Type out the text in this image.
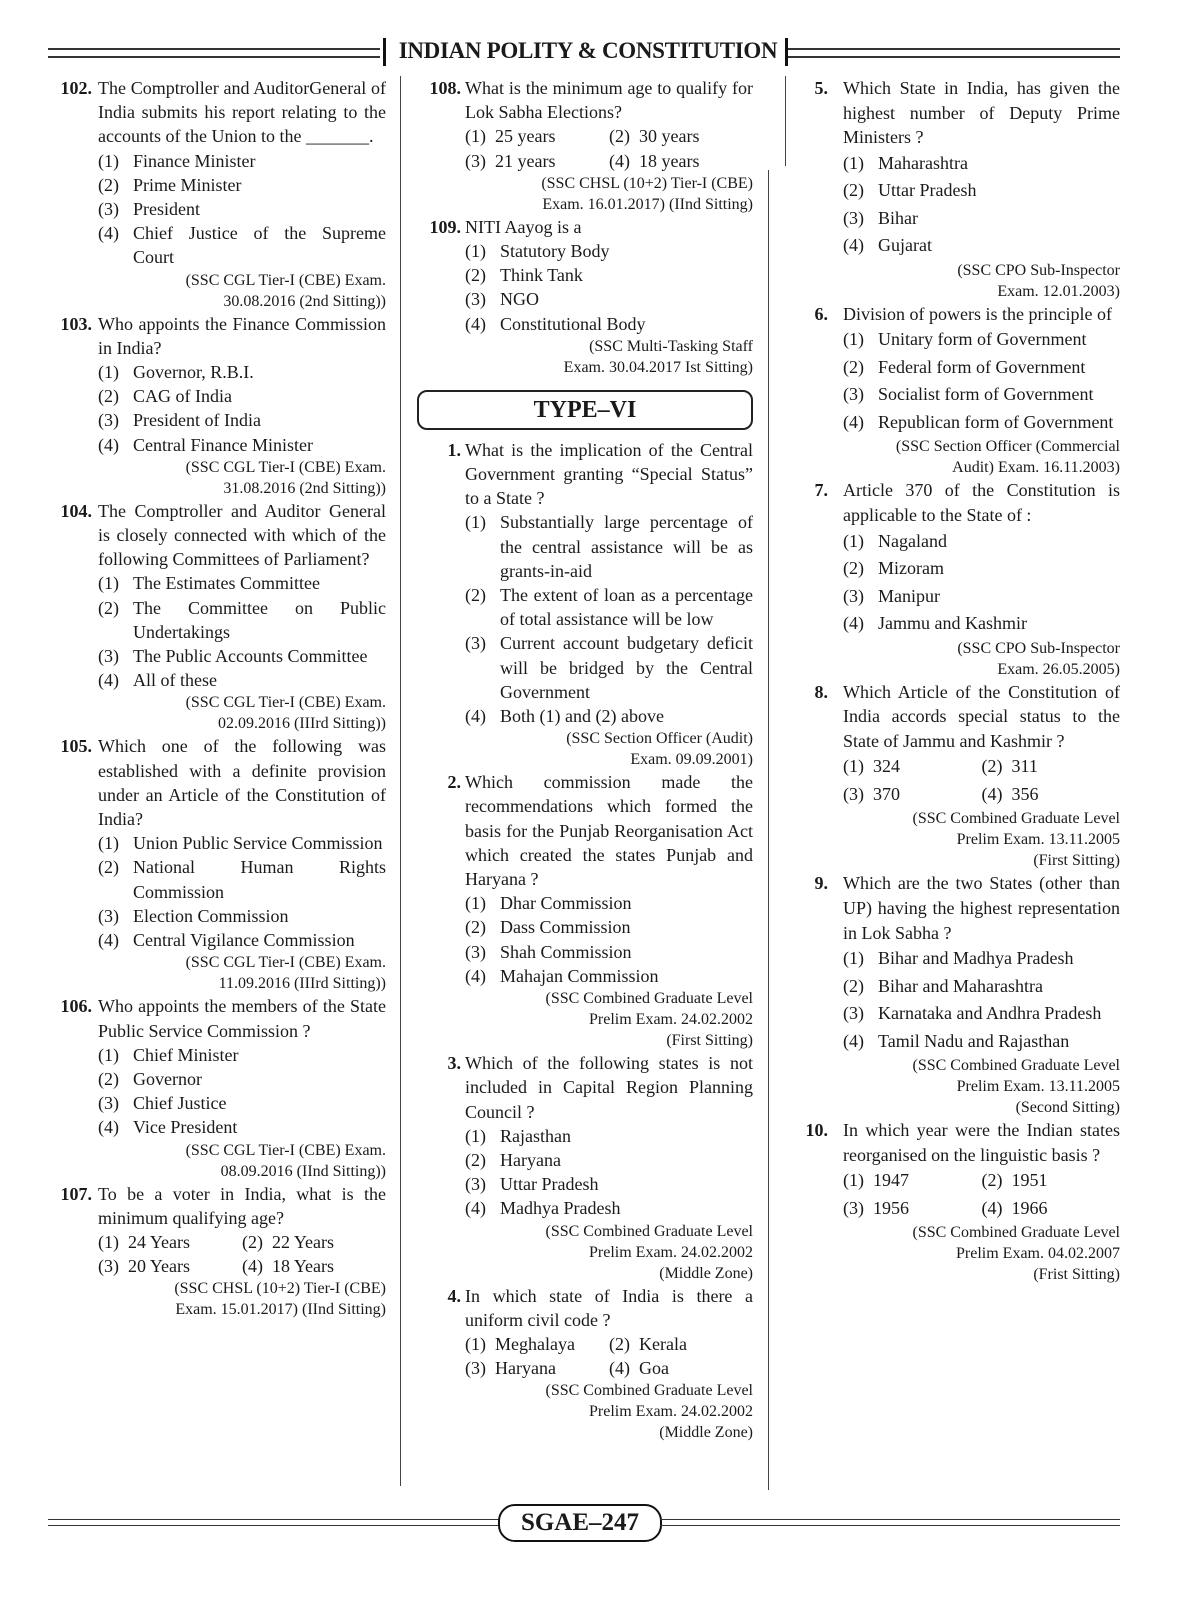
INDIAN POLITY & CONSTITUTION
102. The Comptroller and AuditorGeneral of India submits his report relating to the accounts of the Union to the _______.
(1) Finance Minister
(2) Prime Minister
(3) President
(4) Chief Justice of the Supreme Court
(SSC CGL Tier-I (CBE) Exam.
30.08.2016 (2nd Sitting))
103. Who appoints the Finance Commission in India?
(1) Governor, R.B.I.
(2) CAG of India
(3) President of India
(4) Central Finance Minister
(SSC CGL Tier-I (CBE) Exam.
31.08.2016 (2nd Sitting))
104. The Comptroller and Auditor General is closely connected with which of the following Committees of Parliament?
(1) The Estimates Committee
(2) The Committee on Public Undertakings
(3) The Public Accounts Committee
(4) All of these
(SSC CGL Tier-I (CBE) Exam.
02.09.2016 (IIIrd Sitting))
105. Which one of the following was established with a definite provision under an Article of the Constitution of India?
(1) Union Public Service Commission
(2) National Human Rights Commission
(3) Election Commission
(4) Central Vigilance Commission
(SSC CGL Tier-I (CBE) Exam.
11.09.2016 (IIIrd Sitting))
106. Who appoints the members of the State Public Service Commission ?
(1) Chief Minister
(2) Governor
(3) Chief Justice
(4) Vice President
(SSC CGL Tier-I (CBE) Exam.
08.09.2016 (IInd Sitting))
107. To be a voter in India, what is the minimum qualifying age?
(1) 24 Years	(2) 22 Years
(3) 20 Years	(4) 18 Years
(SSC CHSL (10+2) Tier-I (CBE)
Exam. 15.01.2017) (IInd Sitting)
108. What is the minimum age to qualify for Lok Sabha Elections?
(1) 25 years	(2) 30 years
(3) 21 years	(4) 18 years
(SSC CHSL (10+2) Tier-I (CBE)
Exam. 16.01.2017) (IInd Sitting)
109. NITI Aayog is a
(1) Statutory Body
(2) Think Tank
(3) NGO
(4) Constitutional Body
(SSC Multi-Tasking Staff
Exam. 30.04.2017 Ist Sitting)
TYPE–VI
1. What is the implication of the Central Government granting “Special Status” to a State ?
(1) Substantially large percentage of the central assistance will be as grants-in-aid
(2) The extent of loan as a percentage of total assistance will be low
(3) Current account budgetary deficit will be bridged by the Central Government
(4) Both (1) and (2) above
(SSC Section Officer (Audit)
Exam. 09.09.2001)
2. Which commission made the recommendations which formed the basis for the Punjab Reorganisation Act which created the states Punjab and Haryana ?
(1) Dhar Commission
(2) Dass Commission
(3) Shah Commission
(4) Mahajan Commission
(SSC Combined Graduate Level
Prelim Exam. 24.02.2002
(First Sitting)
3. Which of the following states is not included in Capital Region Planning Council ?
(1) Rajasthan
(2) Haryana
(3) Uttar Pradesh
(4) Madhya Pradesh
(SSC Combined Graduate Level
Prelim Exam. 24.02.2002
(Middle Zone)
4. In which state of India is there a uniform civil code ?
(1) Meghalaya	(2) Kerala
(3) Haryana	(4) Goa
(SSC Combined Graduate Level
Prelim Exam. 24.02.2002
(Middle Zone)
5. Which State in India, has given the highest number of Deputy Prime Ministers ?
(1) Maharashtra
(2) Uttar Pradesh
(3) Bihar
(4) Gujarat
(SSC CPO Sub-Inspector
Exam. 12.01.2003)
6. Division of powers is the principle of
(1) Unitary form of Government
(2) Federal form of Government
(3) Socialist form of Government
(4) Republican form of Government
(SSC Section Officer (Commercial
Audit) Exam. 16.11.2003)
7. Article 370 of the Constitution is applicable to the State of :
(1) Nagaland
(2) Mizoram
(3) Manipur
(4) Jammu and Kashmir
(SSC CPO Sub-Inspector
Exam. 26.05.2005)
8. Which Article of the Constitution of India accords special status to the State of Jammu and Kashmir ?
(1) 324	(2) 311
(3) 370	(4) 356
(SSC Combined Graduate Level
Prelim Exam. 13.11.2005
(First Sitting)
9. Which are the two States (other than UP) having the highest representation in Lok Sabha ?
(1) Bihar and Madhya Pradesh
(2) Bihar and Maharashtra
(3) Karnataka and Andhra Pradesh
(4) Tamil Nadu and Rajasthan
(SSC Combined Graduate Level
Prelim Exam. 13.11.2005
(Second Sitting)
10. In which year were the Indian states reorganised on the linguistic basis ?
(1) 1947	(2) 1951
(3) 1956	(4) 1966
(SSC Combined Graduate Level
Prelim Exam. 04.02.2007
(Frist Sitting)
SGAE–247
